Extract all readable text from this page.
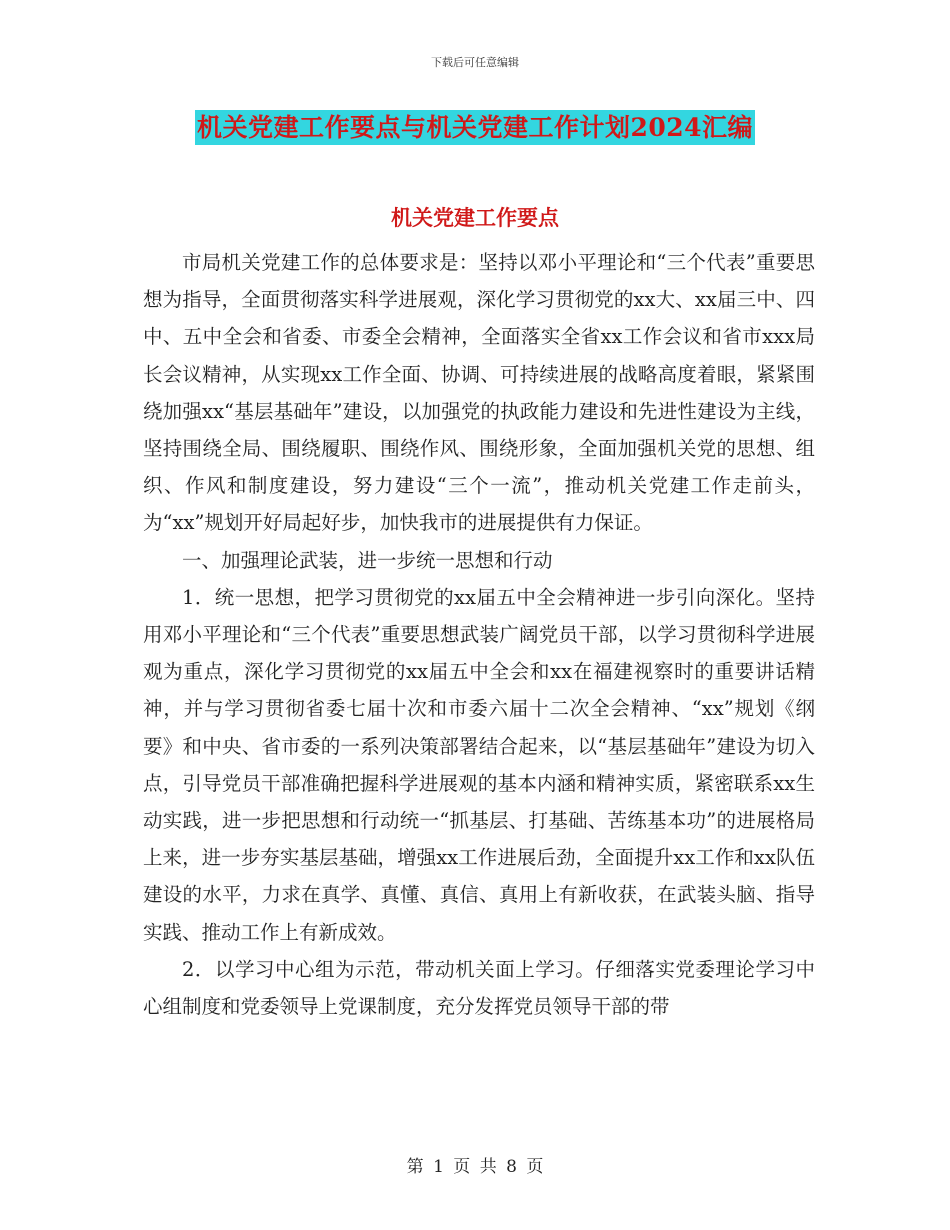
下载后可任意编辑
机关党建工作要点与机关党建工作计划2024汇编
机关党建工作要点

市局机关党建工作的总体要求是：坚持以邓小平理论和“三个代表”重要思想为指导，全面贯彻落实科学进展观，深化学习贯彻党的xx大、xx届三中、四中、五中全会和省委、市委全会精神，全面落实全省xx工作会议和省市xxx局长会议精神，从实现xx工作全面、协调、可持续进展的战略高度着眼，紧紧围绕加强xx“基层基础年”建设，以加强党的执政能力建设和先进性建设为主线，坚持围绕全局、围绕履职、围绕作风、围绕形象，全面加强机关党的思想、组织、作风和制度建设，努力建设“三个一流”，推动机关党建工作走前头，为“xx”规划开好局起好步，加快我市的进展提供有力保证。

一、加强理论武装，进一步统一思想和行动

1．统一思想，把学习贯彻党的xx届五中全会精神进一步引向深化。坚持用邓小平理论和“三个代表”重要思想武装广阔党员干部，以学习贯彻科学进展观为重点，深化学习贯彻党的xx届五中全会和xx在福建视察时的重要讲话精神，并与学习贯彻省委七届十次和市委六届十二次全会精神、“xx”规划《纲要》和中央、省市委的一系列决策部署结合起来，以“基层基础年”建设为切入点，引导党员干部准确把握科学进展观的基本内涵和精神实质，紧密联系xx生动实践，进一步把思想和行动统一“抓基层、打基础、苦练基本功”的进展格局上来，进一步夯实基层基础，增强xx工作进展后劲，全面提升xx工作和xx队伍建设的水平，力求在真学、真懂、真信、真用上有新收获，在武装头脑、指导实践、推动工作上有新成效。

2．以学习中心组为示范，带动机关面上学习。仔细落实党委理论学习中心组制度和党委领导上党课制度，充分发挥党员领导干部的带

第 1 页 共 8 页
